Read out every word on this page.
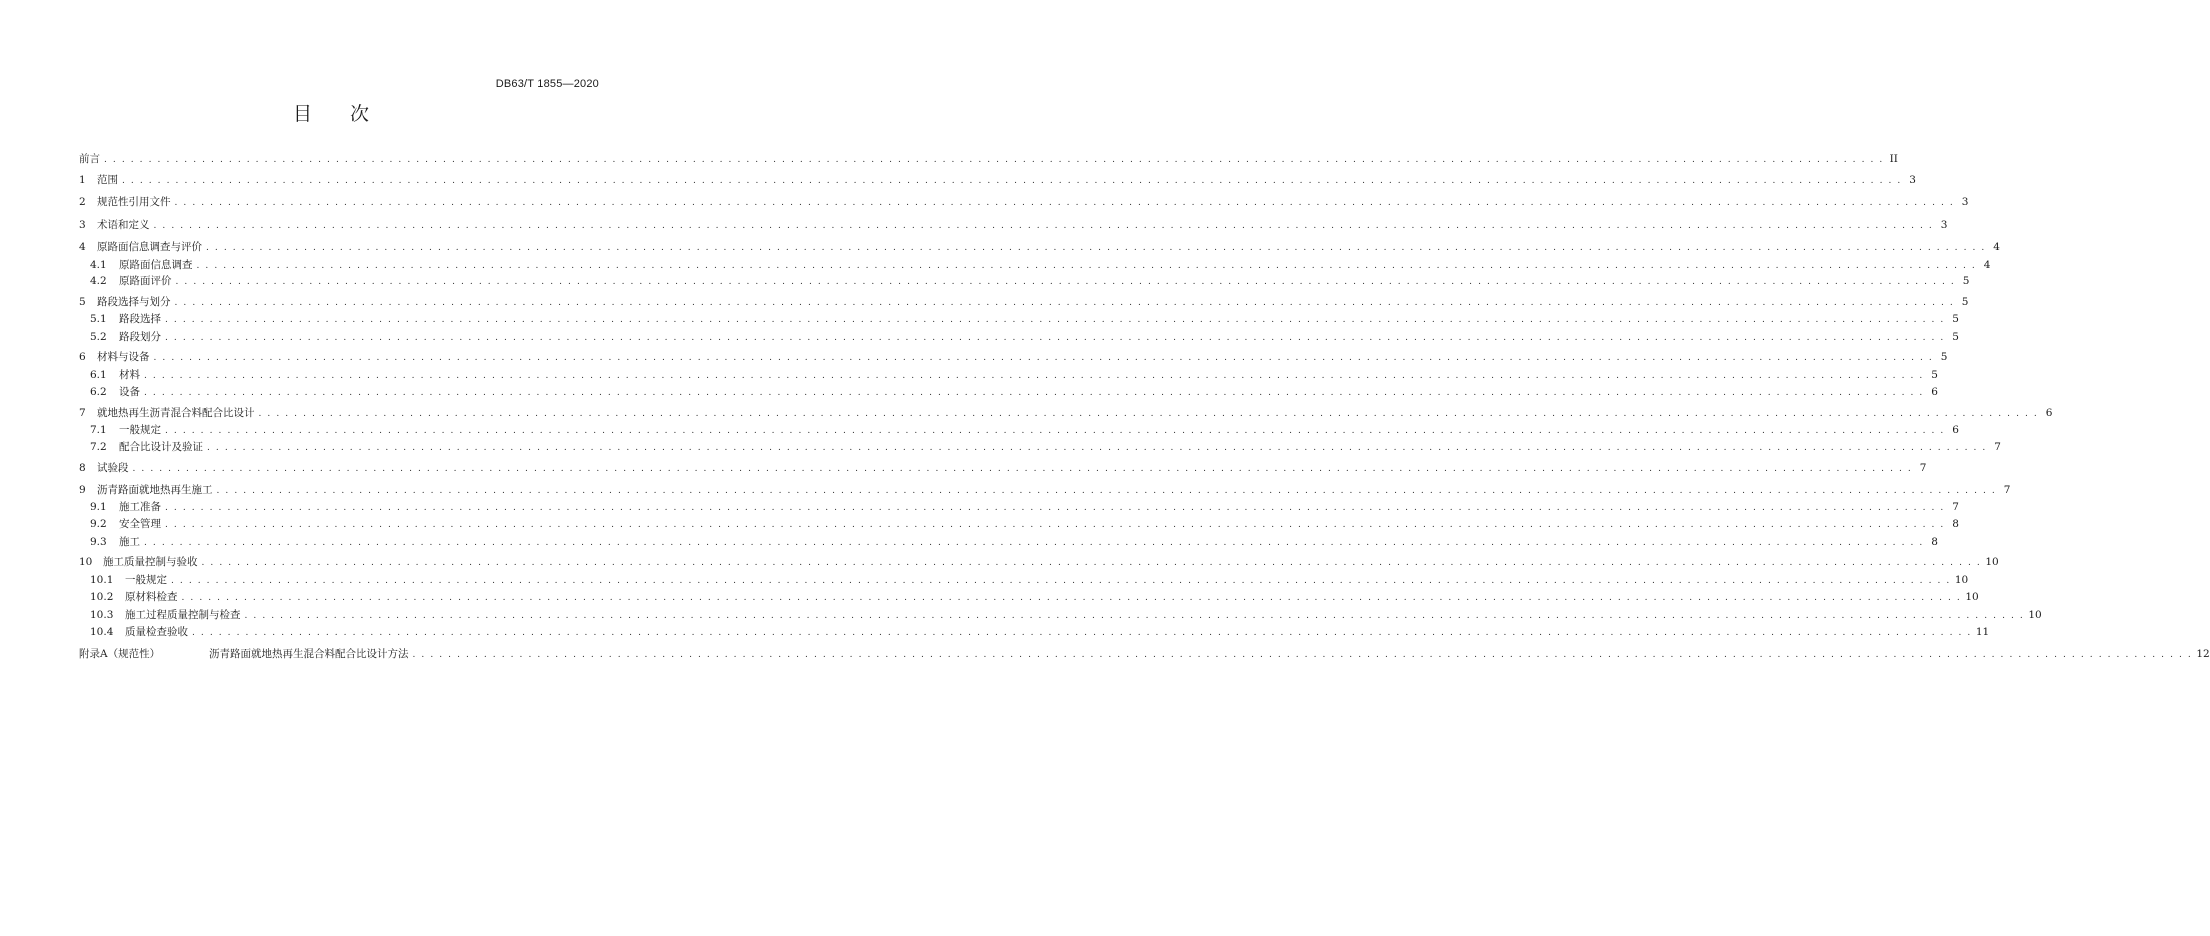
DB63/T 1855—2020
目 次
前言 . . . . . . . . . . . . . . . . . . . . . . . . . . . . . . . . . . . . . . . . . . . . . . . . . . . . . . . . . . . . . . . . . . . . . . . . . . . . . . . . . . . . . . . . . . . . . . . . . . . . . . . . . . . . . . . . . . . . . . . . . . . . . . . . . . . . . . . . . . . . . . . . . . . . . . . . . . . . . . . . . . . . . . . . . . . . . . . . . . . . . . . . . . . . . . . . . . . . . . . . II
1	范围 . . . . . . . . . . . . . . . . . . . . . . . . . . . . . . . . . . . . . . . . . . . . . . . . . . . . . . . . . . . . . . . . . . . . . . . . . . . . . . . . . . . . . . . . . . . . . . . . . . . . . . . . . . . . . . . . . . . . . . . . . . . . . . . . . . . . . . . . . . . . . . . . . . . . . . . . . . . . . . . . . . . . . . . . . . . . . . . . . . . . . . . . . . . . . . . . . . . . . . . . 3
2	规范性引用文件 . . . . . . . . . . . . . . . . . . . . . . . . . . . . . . . . . . . . . . . . . . . . . . . . . . . . . . . . . . . . . . . . . . . . . . . . . . . . . . . . . . . . . . . . . . . . . . . . . . . . . . . . . . . . . . . . . . . . . . . . . . . . . . . . . . . . . . . . . . . . . . . . . . . . . . . . . . . . . . . . . . . . . . . . . . . . . . . . . . . . . . . . . . . . . . . . . . . . . . . . 3
3	术语和定义 . . . . . . . . . . . . . . . . . . . . . . . . . . . . . . . . . . . . . . . . . . . . . . . . . . . . . . . . . . . . . . . . . . . . . . . . . . . . . . . . . . . . . . . . . . . . . . . . . . . . . . . . . . . . . . . . . . . . . . . . . . . . . . . . . . . . . . . . . . . . . . . . . . . . . . . . . . . . . . . . . . . . . . . . . . . . . . . . . . . . . . . . . . . . . . . . . . . . . . . . 3
4	原路面信息调查与评价 . . . . . . . . . . . . . . . . . . . . . . . . . . . . . . . . . . . . . . . . . . . . . . . . . . . . . . . . . . . . . . . . . . . . . . . . . . . . . . . . . . . . . . . . . . . . . . . . . . . . . . . . . . . . . . . . . . . . . . . . . . . . . . . . . . . . . . . . . . . . . . . . . . . . . . . . . . . . . . . . . . . . . . . . . . . . . . . . . . . . . . . . . . . . . . . . . . . . . . . . 4
4.1	原路面信息调查 . . . . . . . . . . . . . . . . . . . . . . . . . . . . . . . . . . . . . . . . . . . . . . . . . . . . . . . . . . . . . . . . . . . . . . . . . . . . . . . . . . . . . . . . . . . . . . . . . . . . . . . . . . . . . . . . . . . . . . . . . . . . . . . . . . . . . . . . . . . . . . . . . . . . . . . . . . . . . . . . . . . . . . . . . . . . . . . . . . . . . . . . . . . . . . . . . . . . . . . . 4
4.2	原路面评价 . . . . . . . . . . . . . . . . . . . . . . . . . . . . . . . . . . . . . . . . . . . . . . . . . . . . . . . . . . . . . . . . . . . . . . . . . . . . . . . . . . . . . . . . . . . . . . . . . . . . . . . . . . . . . . . . . . . . . . . . . . . . . . . . . . . . . . . . . . . . . . . . . . . . . . . . . . . . . . . . . . . . . . . . . . . . . . . . . . . . . . . . . . . . . . . . . . . . . . . . 5
5	路段选择与划分 . . . . . . . . . . . . . . . . . . . . . . . . . . . . . . . . . . . . . . . . . . . . . . . . . . . . . . . . . . . . . . . . . . . . . . . . . . . . . . . . . . . . . . . . . . . . . . . . . . . . . . . . . . . . . . . . . . . . . . . . . . . . . . . . . . . . . . . . . . . . . . . . . . . . . . . . . . . . . . . . . . . . . . . . . . . . . . . . . . . . . . . . . . . . . . . . . . . . . . . . 5
5.1	路段选择 . . . . . . . . . . . . . . . . . . . . . . . . . . . . . . . . . . . . . . . . . . . . . . . . . . . . . . . . . . . . . . . . . . . . . . . . . . . . . . . . . . . . . . . . . . . . . . . . . . . . . . . . . . . . . . . . . . . . . . . . . . . . . . . . . . . . . . . . . . . . . . . . . . . . . . . . . . . . . . . . . . . . . . . . . . . . . . . . . . . . . . . . . . . . . . . . . . . . . . . . 5
5.2	路段划分 . . . . . . . . . . . . . . . . . . . . . . . . . . . . . . . . . . . . . . . . . . . . . . . . . . . . . . . . . . . . . . . . . . . . . . . . . . . . . . . . . . . . . . . . . . . . . . . . . . . . . . . . . . . . . . . . . . . . . . . . . . . . . . . . . . . . . . . . . . . . . . . . . . . . . . . . . . . . . . . . . . . . . . . . . . . . . . . . . . . . . . . . . . . . . . . . . . . . . . . . 5
6	材料与设备 . . . . . . . . . . . . . . . . . . . . . . . . . . . . . . . . . . . . . . . . . . . . . . . . . . . . . . . . . . . . . . . . . . . . . . . . . . . . . . . . . . . . . . . . . . . . . . . . . . . . . . . . . . . . . . . . . . . . . . . . . . . . . . . . . . . . . . . . . . . . . . . . . . . . . . . . . . . . . . . . . . . . . . . . . . . . . . . . . . . . . . . . . . . . . . . . . . . . . . . . 5
6.1	材料 . . . . . . . . . . . . . . . . . . . . . . . . . . . . . . . . . . . . . . . . . . . . . . . . . . . . . . . . . . . . . . . . . . . . . . . . . . . . . . . . . . . . . . . . . . . . . . . . . . . . . . . . . . . . . . . . . . . . . . . . . . . . . . . . . . . . . . . . . . . . . . . . . . . . . . . . . . . . . . . . . . . . . . . . . . . . . . . . . . . . . . . . . . . . . . . . . . . . . . . . 5
6.2	设备 . . . . . . . . . . . . . . . . . . . . . . . . . . . . . . . . . . . . . . . . . . . . . . . . . . . . . . . . . . . . . . . . . . . . . . . . . . . . . . . . . . . . . . . . . . . . . . . . . . . . . . . . . . . . . . . . . . . . . . . . . . . . . . . . . . . . . . . . . . . . . . . . . . . . . . . . . . . . . . . . . . . . . . . . . . . . . . . . . . . . . . . . . . . . . . . . . . . . . . . . 6
7	就地热再生沥青混合料配合比设计 . . . . . . . . . . . . . . . . . . . . . . . . . . . . . . . . . . . . . . . . . . . . . . . . . . . . . . . . . . . . . . . . . . . . . . . . . . . . . . . . . . . . . . . . . . . . . . . . . . . . . . . . . . . . . . . . . . . . . . . . . . . . . . . . . . . . . . . . . . . . . . . . . . . . . . . . . . . . . . . . . . . . . . . . . . . . . . . . . . . . . . . . . . . . . . . . . . . . . . . . 6
7.1	一般规定 . . . . . . . . . . . . . . . . . . . . . . . . . . . . . . . . . . . . . . . . . . . . . . . . . . . . . . . . . . . . . . . . . . . . . . . . . . . . . . . . . . . . . . . . . . . . . . . . . . . . . . . . . . . . . . . . . . . . . . . . . . . . . . . . . . . . . . . . . . . . . . . . . . . . . . . . . . . . . . . . . . . . . . . . . . . . . . . . . . . . . . . . . . . . . . . . . . . . . . . . 6
7.2	配合比设计及验证 . . . . . . . . . . . . . . . . . . . . . . . . . . . . . . . . . . . . . . . . . . . . . . . . . . . . . . . . . . . . . . . . . . . . . . . . . . . . . . . . . . . . . . . . . . . . . . . . . . . . . . . . . . . . . . . . . . . . . . . . . . . . . . . . . . . . . . . . . . . . . . . . . . . . . . . . . . . . . . . . . . . . . . . . . . . . . . . . . . . . . . . . . . . . . . . . . . . . . . . . 7
8	试验段 . . . . . . . . . . . . . . . . . . . . . . . . . . . . . . . . . . . . . . . . . . . . . . . . . . . . . . . . . . . . . . . . . . . . . . . . . . . . . . . . . . . . . . . . . . . . . . . . . . . . . . . . . . . . . . . . . . . . . . . . . . . . . . . . . . . . . . . . . . . . . . . . . . . . . . . . . . . . . . . . . . . . . . . . . . . . . . . . . . . . . . . . . . . . . . . . . . . . . . . . 7
9	沥青路面就地热再生施工 . . . . . . . . . . . . . . . . . . . . . . . . . . . . . . . . . . . . . . . . . . . . . . . . . . . . . . . . . . . . . . . . . . . . . . . . . . . . . . . . . . . . . . . . . . . . . . . . . . . . . . . . . . . . . . . . . . . . . . . . . . . . . . . . . . . . . . . . . . . . . . . . . . . . . . . . . . . . . . . . . . . . . . . . . . . . . . . . . . . . . . . . . . . . . . . . . . . . . . . . 7
9.1	施工准备 . . . . . . . . . . . . . . . . . . . . . . . . . . . . . . . . . . . . . . . . . . . . . . . . . . . . . . . . . . . . . . . . . . . . . . . . . . . . . . . . . . . . . . . . . . . . . . . . . . . . . . . . . . . . . . . . . . . . . . . . . . . . . . . . . . . . . . . . . . . . . . . . . . . . . . . . . . . . . . . . . . . . . . . . . . . . . . . . . . . . . . . . . . . . . . . . . . . . . . . . 7
9.2	安全管理 . . . . . . . . . . . . . . . . . . . . . . . . . . . . . . . . . . . . . . . . . . . . . . . . . . . . . . . . . . . . . . . . . . . . . . . . . . . . . . . . . . . . . . . . . . . . . . . . . . . . . . . . . . . . . . . . . . . . . . . . . . . . . . . . . . . . . . . . . . . . . . . . . . . . . . . . . . . . . . . . . . . . . . . . . . . . . . . . . . . . . . . . . . . . . . . . . . . . . . . . 8
9.3	施工 . . . . . . . . . . . . . . . . . . . . . . . . . . . . . . . . . . . . . . . . . . . . . . . . . . . . . . . . . . . . . . . . . . . . . . . . . . . . . . . . . . . . . . . . . . . . . . . . . . . . . . . . . . . . . . . . . . . . . . . . . . . . . . . . . . . . . . . . . . . . . . . . . . . . . . . . . . . . . . . . . . . . . . . . . . . . . . . . . . . . . . . . . . . . . . . . . . . . . . . . 8
10	施工质量控制与验收 . . . . . . . . . . . . . . . . . . . . . . . . . . . . . . . . . . . . . . . . . . . . . . . . . . . . . . . . . . . . . . . . . . . . . . . . . . . . . . . . . . . . . . . . . . . . . . . . . . . . . . . . . . . . . . . . . . . . . . . . . . . . . . . . . . . . . . . . . . . . . . . . . . . . . . . . . . . . . . . . . . . . . . . . . . . . . . . . . . . . . . . . . . . . . . . . . . . . . . . . 10
10.1	一般规定 . . . . . . . . . . . . . . . . . . . . . . . . . . . . . . . . . . . . . . . . . . . . . . . . . . . . . . . . . . . . . . . . . . . . . . . . . . . . . . . . . . . . . . . . . . . . . . . . . . . . . . . . . . . . . . . . . . . . . . . . . . . . . . . . . . . . . . . . . . . . . . . . . . . . . . . . . . . . . . . . . . . . . . . . . . . . . . . . . . . . . . . . . . . . . . . . . . . . . . . . 10
10.2	原材料检查 . . . . . . . . . . . . . . . . . . . . . . . . . . . . . . . . . . . . . . . . . . . . . . . . . . . . . . . . . . . . . . . . . . . . . . . . . . . . . . . . . . . . . . . . . . . . . . . . . . . . . . . . . . . . . . . . . . . . . . . . . . . . . . . . . . . . . . . . . . . . . . . . . . . . . . . . . . . . . . . . . . . . . . . . . . . . . . . . . . . . . . . . . . . . . . . . . . . . . . . . 10
10.3	施工过程质量控制与检查 . . . . . . . . . . . . . . . . . . . . . . . . . . . . . . . . . . . . . . . . . . . . . . . . . . . . . . . . . . . . . . . . . . . . . . . . . . . . . . . . . . . . . . . . . . . . . . . . . . . . . . . . . . . . . . . . . . . . . . . . . . . . . . . . . . . . . . . . . . . . . . . . . . . . . . . . . . . . . . . . . . . . . . . . . . . . . . . . . . . . . . . . . . . . . . . . . . . . . . . . 10
10.4	质量检查验收 . . . . . . . . . . . . . . . . . . . . . . . . . . . . . . . . . . . . . . . . . . . . . . . . . . . . . . . . . . . . . . . . . . . . . . . . . . . . . . . . . . . . . . . . . . . . . . . . . . . . . . . . . . . . . . . . . . . . . . . . . . . . . . . . . . . . . . . . . . . . . . . . . . . . . . . . . . . . . . . . . . . . . . . . . . . . . . . . . . . . . . . . . . . . . . . . . . . . . . . . 11
附录A（规范性）	沥青路面就地热再生混合料配合比设计方法 . . . . . . . . . . . . . . . . . . . . . . . . . . . . . . . . . . . . . . . . . . . . . . . . . . . . . . . . . . . . . . . . . . . . . . . . . . . . . . . . . . . . . . . . . . . . . . . . . . . . . . . . . . . . . . . . . . . . . . . . . . . . . . . . . . . . . . . . . . . . . . . . . . . . . . . . . . . . . . . . . . . . . . . . . . . . . . . . . . . . . . . . . . . . . . . . . . . . . . . . 12
